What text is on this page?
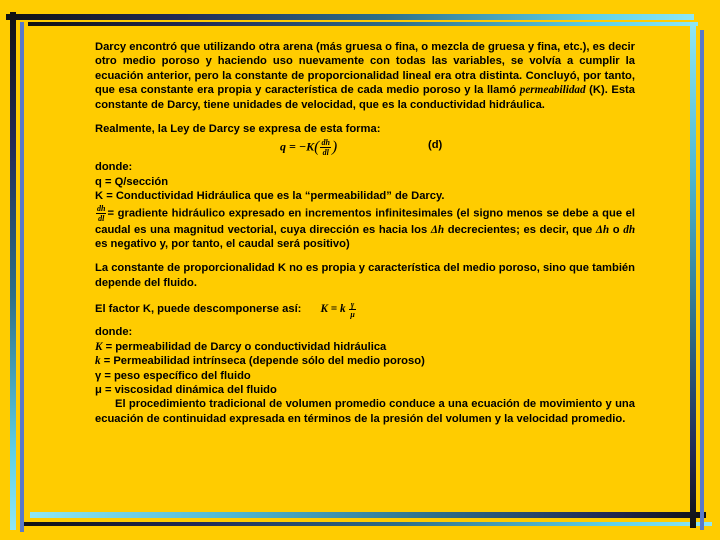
Darcy encontró que utilizando otra arena (más gruesa o fina, o mezcla de gruesa y fina, etc.), es decir otro medio poroso y haciendo uso nuevamente con todas las variables, se volvía a cumplir la ecuación anterior, pero la constante de proporcionalidad lineal era otra distinta. Concluyó, por tanto, que esa constante era propia y característica de cada medio poroso y la llamó permeabilidad (K). Esta constante de Darcy, tiene unidades de velocidad, que es la conductividad hidráulica.

Realmente, la Ley de Darcy se expresa de esta forma:

$q = -K( \frac{dh}{dl}$ )	(d)

donde:

q = Q/sección

K = Conductividad Hidráulica que es la “permeabilidad” de Darcy.

$\frac{dh}{dl}$ = gradiente hidráulico expresado en incrementos infinitesimales (el signo menos se debe a que el caudal es una magnitud vectorial, cuya dirección es hacia los Δh decrecientes; es decir, que Δh o dh es negativo y, por tanto, el caudal será positivo)

La constante de proporcionalidad K no es propia y característica del medio poroso, sino que también depende del fluido.

El factor K, puede descomponerse así: K = k $\frac{\gamma}{\mu}$

donde:

K = permeabilidad de Darcy o conductividad hidráulica

k = Permeabilidad intrínseca (depende sólo del medio poroso)

γ = peso específico del fluido

μ = viscosidad dinámica del fluido

El procedimiento tradicional de volumen promedio conduce a una ecuación de movimiento y una ecuación de continuidad expresada en términos de la presión del volumen y la velocidad promedio.
